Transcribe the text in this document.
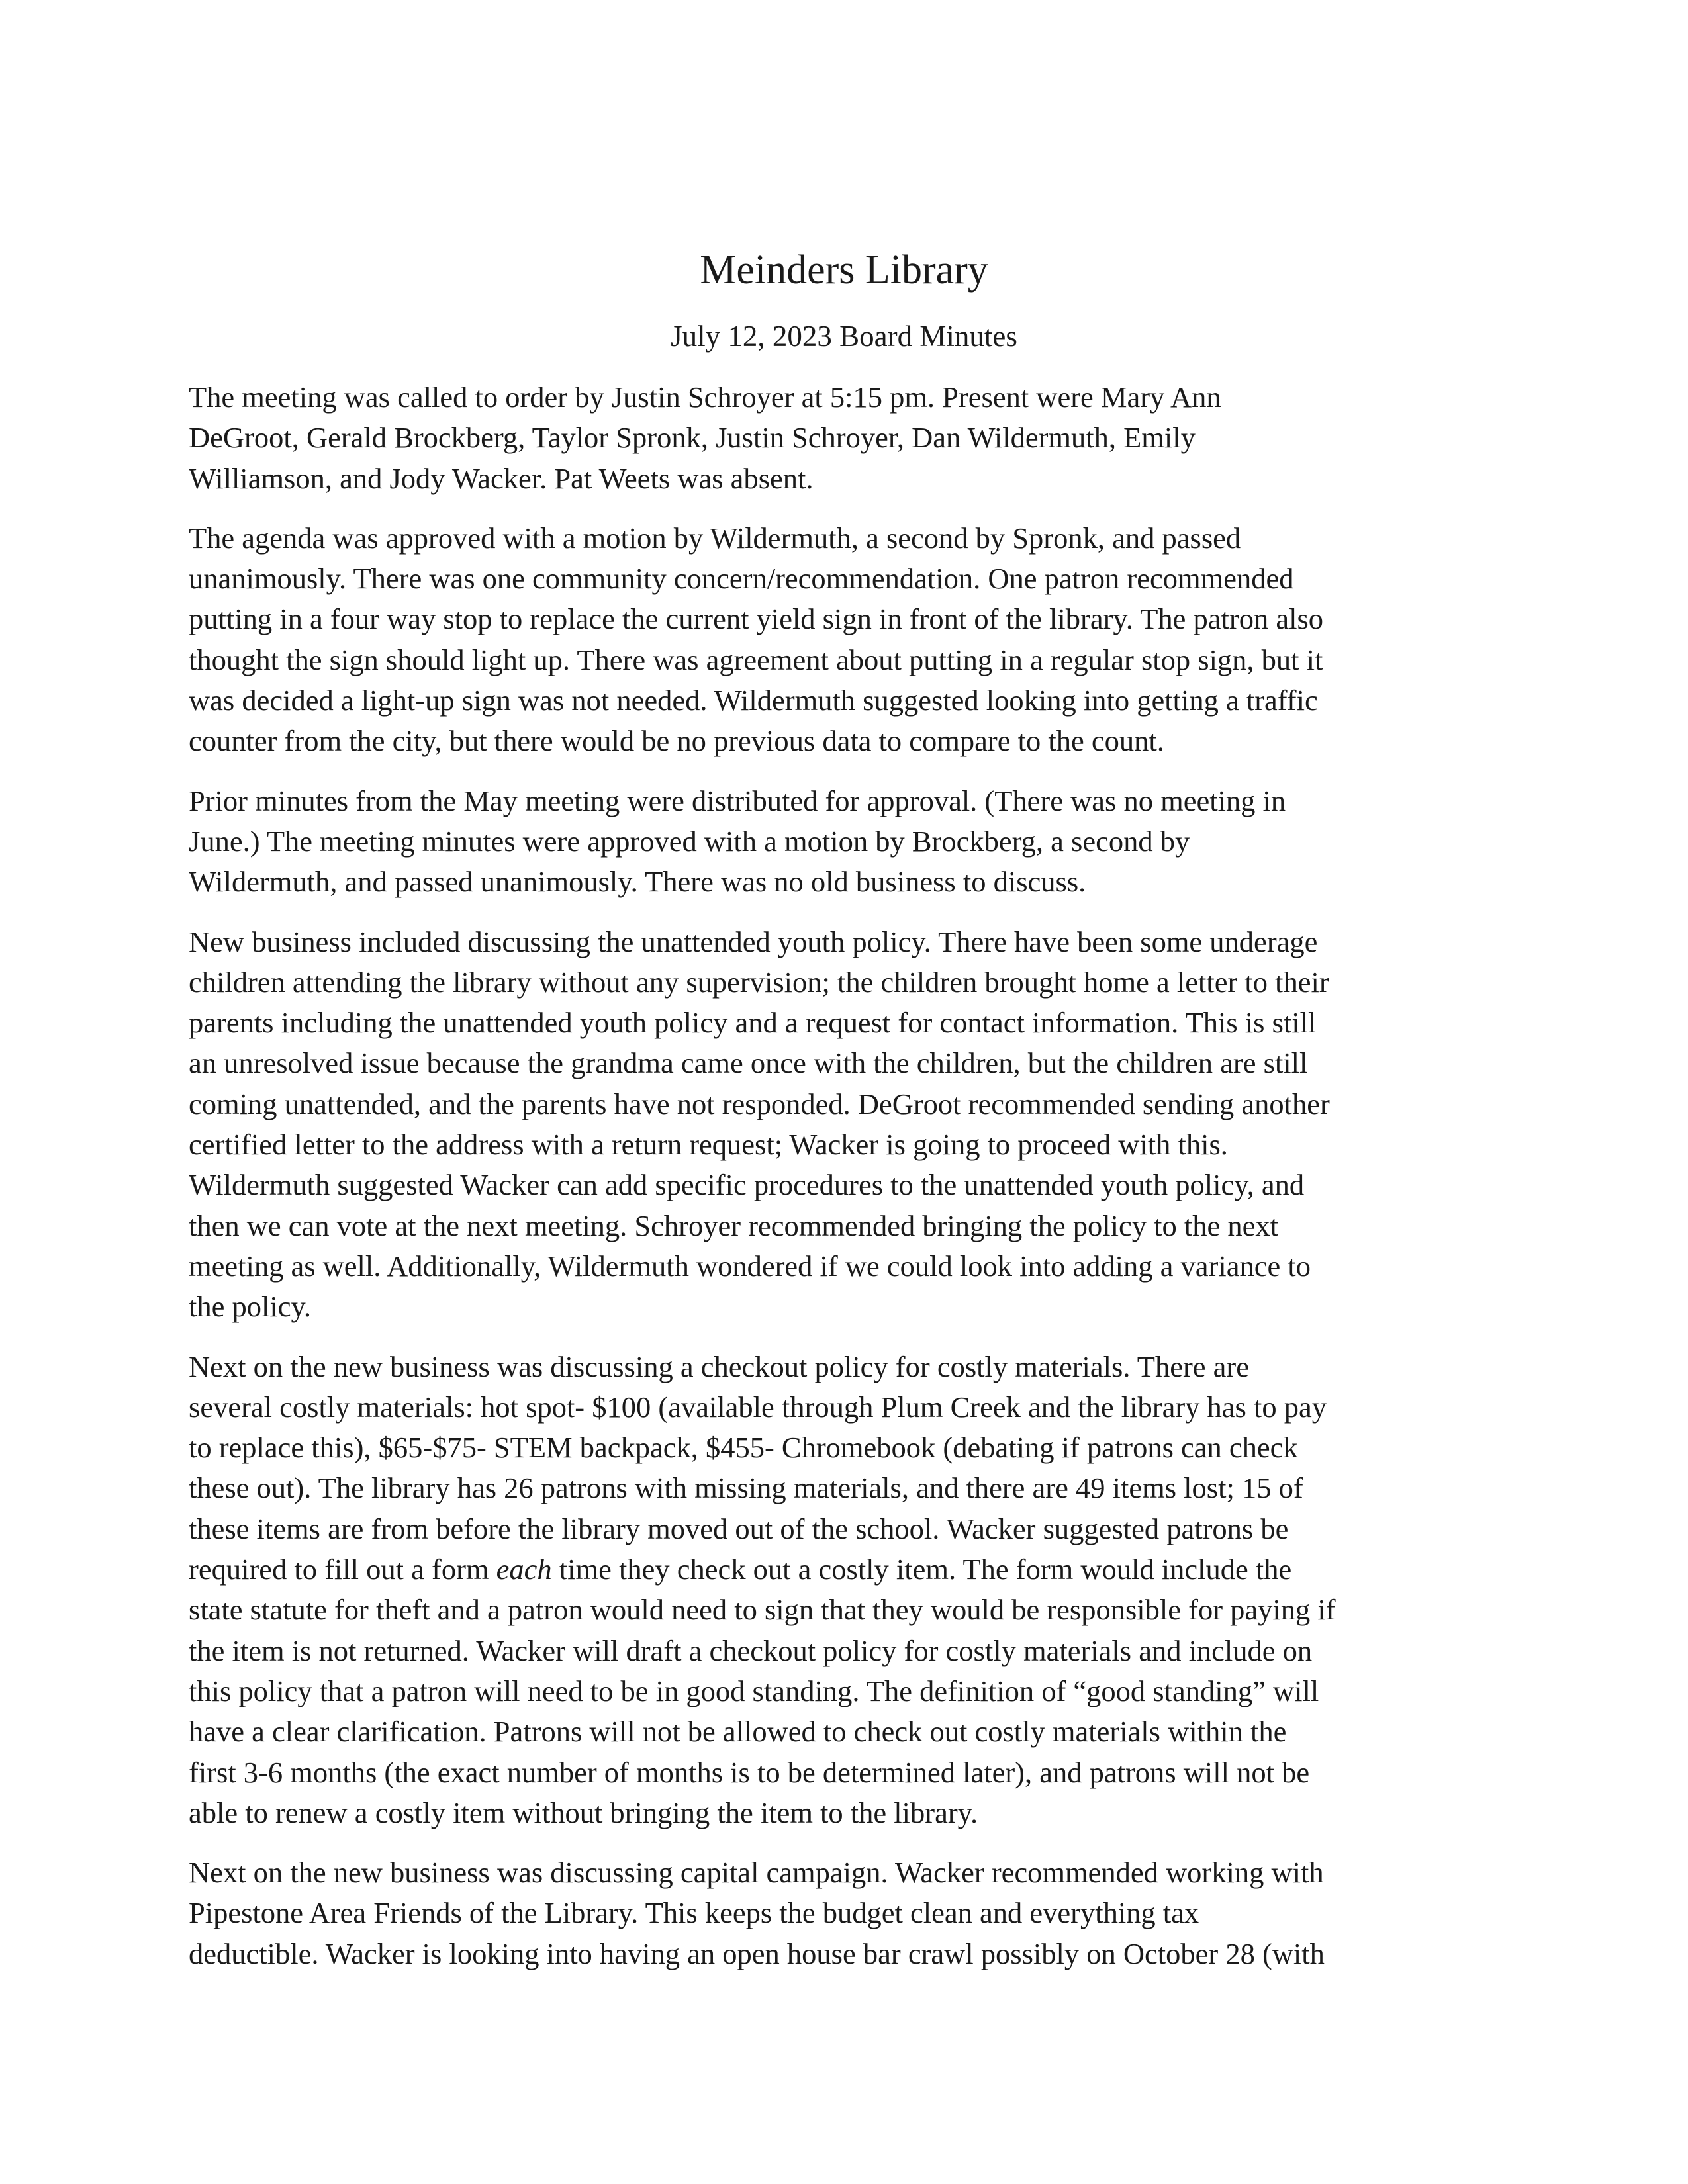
Meinders Library
July 12, 2023 Board Minutes

The meeting was called to order by Justin Schroyer at 5:15 pm. Present were Mary Ann
DeGroot, Gerald Brockberg, Taylor Spronk, Justin Schroyer, Dan Wildermuth, Emily
Williamson, and Jody Wacker. Pat Weets was absent.

The agenda was approved with a motion by Wildermuth, a second by Spronk, and passed
unanimously. There was one community concern/recommendation. One patron recommended
putting in a four way stop to replace the current yield sign in front of the library. The patron also
thought the sign should light up. There was agreement about putting in a regular stop sign, but it
was decided a light-up sign was not needed. Wildermuth suggested looking into getting a traffic
counter from the city, but there would be no previous data to compare to the count.

Prior minutes from the May meeting were distributed for approval. (There was no meeting in
June.) The meeting minutes were approved with a motion by Brockberg, a second by
Wildermuth, and passed unanimously. There was no old business to discuss.

New business included discussing the unattended youth policy. There have been some underage
children attending the library without any supervision; the children brought home a letter to their
parents including the unattended youth policy and a request for contact information. This is still
an unresolved issue because the grandma came once with the children, but the children are still
coming unattended, and the parents have not responded. DeGroot recommended sending another
certified letter to the address with a return request; Wacker is going to proceed with this.
Wildermuth suggested Wacker can add specific procedures to the unattended youth policy, and
then we can vote at the next meeting. Schroyer recommended bringing the policy to the next
meeting as well. Additionally, Wildermuth wondered if we could look into adding a variance to
the policy.

Next on the new business was discussing a checkout policy for costly materials. There are
several costly materials: hot spot- $100 (available through Plum Creek and the library has to pay
to replace this), $65-$75- STEM backpack, $455- Chromebook (debating if patrons can check
these out). The library has 26 patrons with missing materials, and there are 49 items lost; 15 of
these items are from before the library moved out of the school. Wacker suggested patrons be
required to fill out a form each time they check out a costly item. The form would include the
state statute for theft and a patron would need to sign that they would be responsible for paying if
the item is not returned. Wacker will draft a checkout policy for costly materials and include on
this policy that a patron will need to be in good standing. The definition of “good standing” will
have a clear clarification. Patrons will not be allowed to check out costly materials within the
first 3-6 months (the exact number of months is to be determined later), and patrons will not be
able to renew a costly item without bringing the item to the library.

Next on the new business was discussing capital campaign. Wacker recommended working with
Pipestone Area Friends of the Library. This keeps the budget clean and everything tax
deductible. Wacker is looking into having an open house bar crawl possibly on October 28 (with
